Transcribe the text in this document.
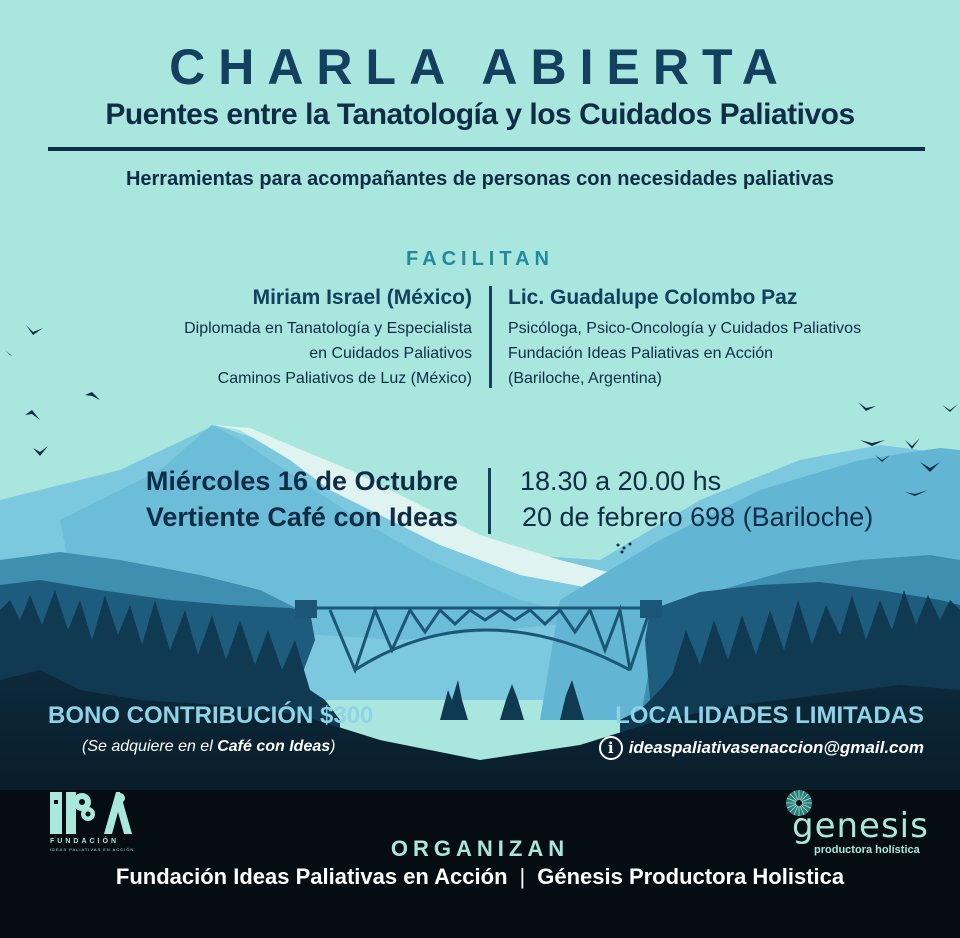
CHARLA ABIERTA
Puentes entre la Tanatología y los Cuidados Paliativos
Herramientas para acompañantes de personas con necesidades paliativas
FACILITAN
Miriam Israel (México)
Diplomada en Tanatología y Especialista
en Cuidados Paliativos
Caminos Paliativos de Luz (México)
Lic. Guadalupe Colombo Paz
Psicóloga, Psico-Oncología y Cuidados Paliativos
Fundación Ideas Paliativas en Acción
(Bariloche, Argentina)
Miércoles 16 de Octubre
Vertiente Café con Ideas
18.30 a 20.00 hs
20 de febrero 698 (Bariloche)
BONO CONTRIBUCIÓN $300
(Se adquiere en el Café con Ideas)
LOCALIDADES LIMITADAS
i ideaspaliativasenaccion@gmail.com
FUNDACIÓN
IDEAS PALIATIVAS EN ACCIÓN
genesis
productora holística
ORGANIZAN
Fundación Ideas Paliativas en Acción | Génesis Productora Holistica
